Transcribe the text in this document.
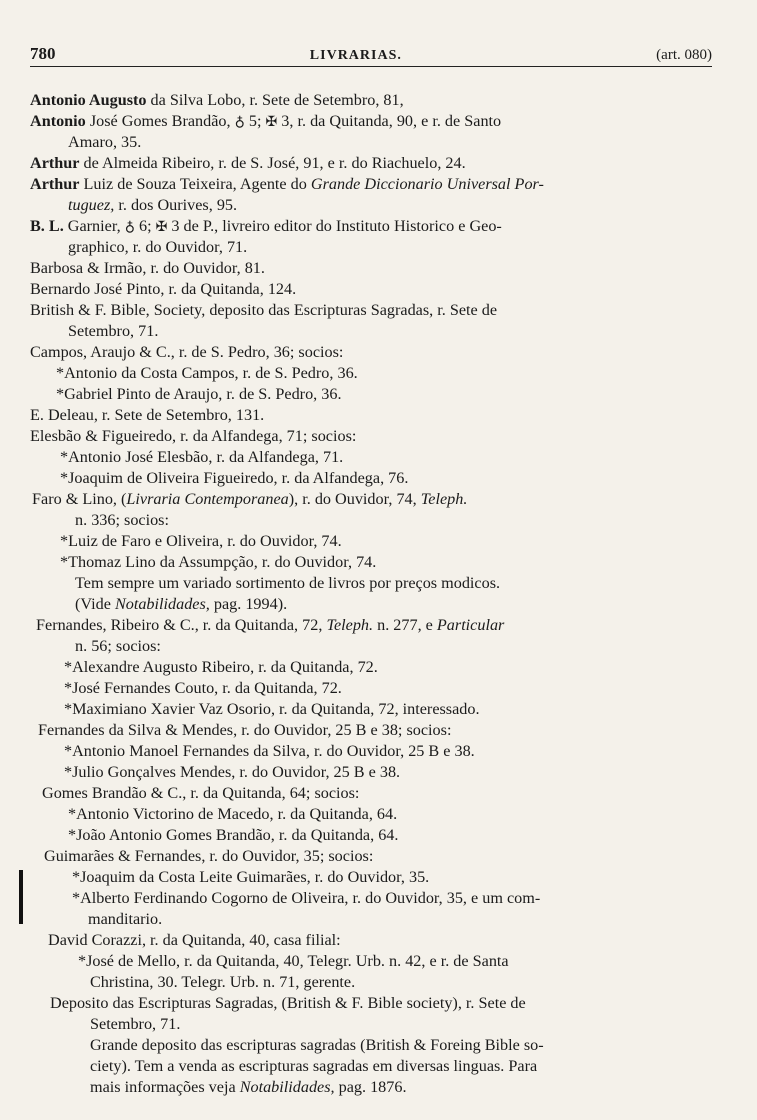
780	LIVRARIAS.	(art. 080)
Antonio Augusto da Silva Lobo, r. Sete de Setembro, 81,
Antonio José Gomes Brandão, ♁ 5; ✠ 3, r. da Quitanda, 90, e r. de Santo
Amaro, 35.
Arthur de Almeida Ribeiro, r. de S. José, 91, e r. do Riachuelo, 24.
Arthur Luiz de Souza Teixeira, Agente do Grande Diccionario Universal Por-
tuguez, r. dos Ourives, 95.
B. L. Garnier, ♁ 6; ✠ 3 de P., livreiro editor do Instituto Historico e Geo-
graphico, r. do Ouvidor, 71.
Barbosa & Irmão, r. do Ouvidor, 81.
Bernardo José Pinto, r. da Quitanda, 124.
British & F. Bible, Society, deposito das Escripturas Sagradas, r. Sete de
Setembro, 71.
Campos, Araujo & C., r. de S. Pedro, 36; socios:
*Antonio da Costa Campos, r. de S. Pedro, 36.
*Gabriel Pinto de Araujo, r. de S. Pedro, 36.
E. Deleau, r. Sete de Setembro, 131.
Elesbão & Figueiredo, r. da Alfandega, 71; socios:
*Antonio José Elesbão, r. da Alfandega, 71.
*Joaquim de Oliveira Figueiredo, r. da Alfandega, 76.
Faro & Lino, (Livraria Contemporanea), r. do Ouvidor, 74, Teleph.
n. 336; socios:
*Luiz de Faro e Oliveira, r. do Ouvidor, 74.
*Thomaz Lino da Assumpção, r. do Ouvidor, 74.
Tem sempre um variado sortimento de livros por preços modicos.
(Vide Notabilidades, pag. 1994).
Fernandes, Ribeiro & C., r. da Quitanda, 72, Teleph. n. 277, e Particular
n. 56; socios:
*Alexandre Augusto Ribeiro, r. da Quitanda, 72.
*José Fernandes Couto, r. da Quitanda, 72.
*Maximiano Xavier Vaz Osorio, r. da Quitanda, 72, interessado.
Fernandes da Silva & Mendes, r. do Ouvidor, 25 B e 38; socios:
*Antonio Manoel Fernandes da Silva, r. do Ouvidor, 25 B e 38.
*Julio Gonçalves Mendes, r. do Ouvidor, 25 B e 38.
Gomes Brandão & C., r. da Quitanda, 64; socios:
*Antonio Victorino de Macedo, r. da Quitanda, 64.
*João Antonio Gomes Brandão, r. da Quitanda, 64.
Guimarães & Fernandes, r. do Ouvidor, 35; socios:
*Joaquim da Costa Leite Guimarães, r. do Ouvidor, 35.
*Alberto Ferdinando Cogorno de Oliveira, r. do Ouvidor, 35, e um com-
manditario.
David Corazzi, r. da Quitanda, 40, casa filial:
*José de Mello, r. da Quitanda, 40, Telegr. Urb. n. 42, e r. de Santa
Christina, 30. Telegr. Urb. n. 71, gerente.
Deposito das Escripturas Sagradas, (British & F. Bible society), r. Sete de
Setembro, 71.
Grande deposito das escripturas sagradas (British & Foreing Bible so-
ciety). Tem a venda as escripturas sagradas em diversas linguas. Para
mais informações veja Notabilidades, pag. 1876.
